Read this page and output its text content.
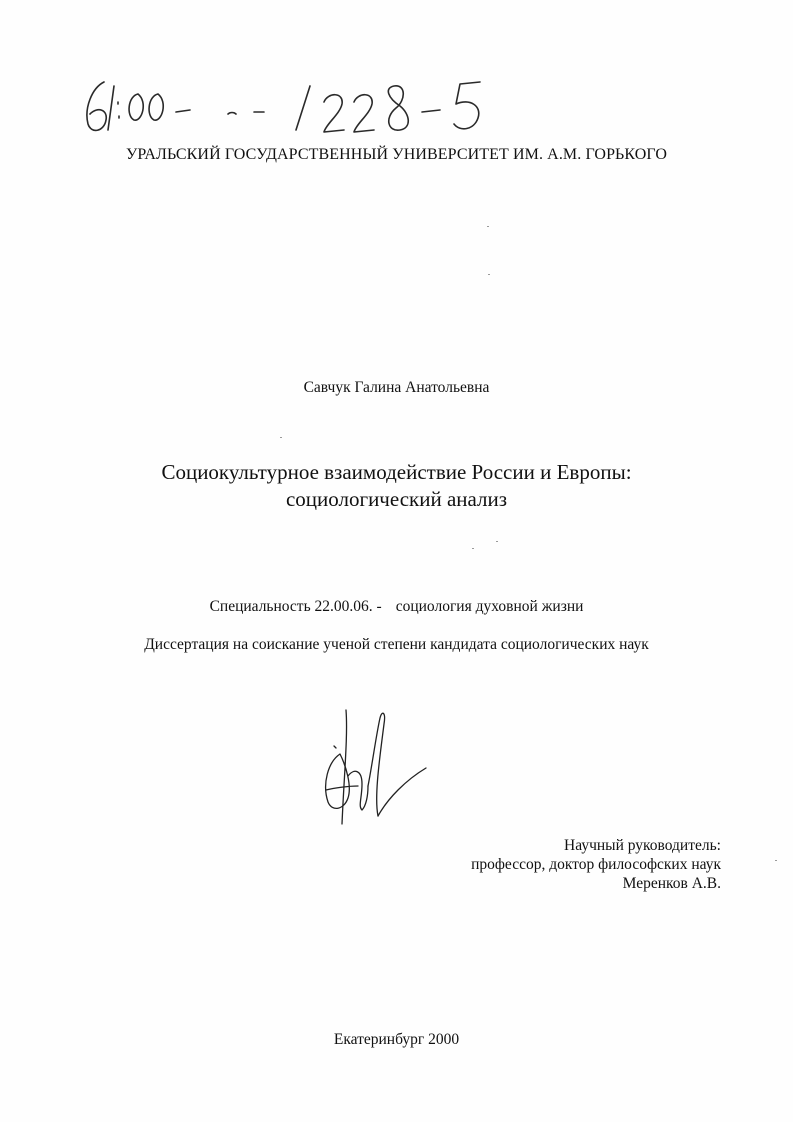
УРАЛЬСКИЙ ГОСУДАРСТВЕННЫЙ УНИВЕРСИТЕТ ИМ. А.М. ГОРЬКОГО
Савчук Галина Анатольевна
Социокультурное взаимодействие России и Европы:
социологический анализ
Специальность 22.00.06. - социология духовной жизни
Диссертация на соискание ученой степени кандидата социологических наук
Научный руководитель:
профессор, доктор философских наук
Меренков А.В.
Екатеринбург 2000
